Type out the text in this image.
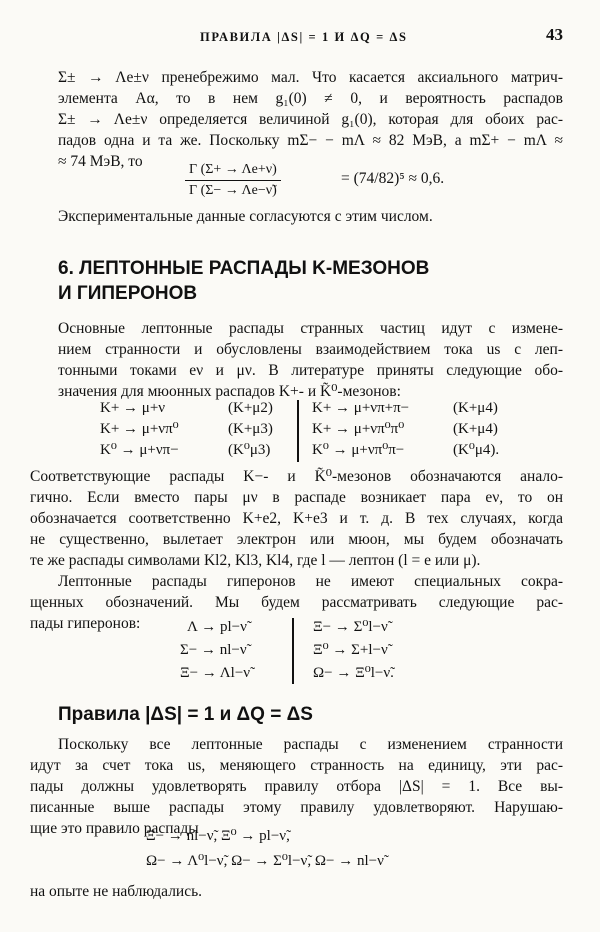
ПРАВИЛА |ΔS| = 1 И ΔQ = ΔS	43
Σ± → Λe±ν пренебрежимо мал. Что касается аксиального матрич-
элемента Aα, то в нем g₁(0) ≠ 0, и вероятность распадов
Σ± → Λe±ν определяется величиной g₁(0), которая для обоих рас-
падов одна и та же. Поскольку mΣ− − mΛ ≈ 82 МэВ, а mΣ+ − mΛ ≈
≈ 74 МэВ, то
$\frac{\Gamma (\Sigma+ \to \Lambda e+\nu)}{\Gamma (\Sigma- \to \Lambda e-\nũ)}$	= (74/82)⁵ ≈ 0,6.
Экспериментальные данные согласуются с этим числом.
6. ЛЕПТОННЫЕ РАСПАДЫ K-МЕЗОНОВ
И ГИПЕРОНОВ
Основные лептонные распады странных частиц идут с измене-
нием странности и обусловлены взаимодействием тока us с леп-
тонными токами eν и μν. В литературе приняты следующие обо-
значения для мюонных распадов K+- и K̃⁰-мезонов:
K+ → μ+ν	(K+μ2)
K+ → μ+νπ⁰	(K+μ3)
K⁰ → μ+νπ−	(K⁰μ3)
K+ → μ+νπ+π−	(K+μ4)
K+ → μ+νπ⁰π⁰	(K+μ4)
K⁰ → μ+νπ⁰π−	(K⁰μ4).
Соответствующие распады K−- и K̃⁰-мезонов обозначаются анало-
гично. Если вместо пары μν в распаде возникает пара eν, то он
обозначается соответственно K+e2, K+e3 и т. д. В тех случаях, когда
не существенно, вылетает электрон или мюон, мы будем обозначать
те же распады символами Kl2, Kl3, Kl4, где l — лептон (l = e или μ).
Лептонные распады гиперонов не имеют специальных сокра-
щенных обозначений. Мы будем рассматривать следующие рас-
пады гиперонов:	Λ → pl−ν̃
Σ− → nl−ν̃
Ξ− → Λl−ν̃
Ξ− → Σ⁰l−ν̃
Ξ⁰ → Σ+l−ν̃
Ω− → Ξ⁰l−ν̃.
Правила |ΔS| = 1 и ΔQ = ΔS
Поскольку все лептонные распады с изменением странности
идут за счет тока us, меняющего странность на единицу, эти рас-
пады должны удовлетворять правилу отбора |ΔS| = 1. Все вы-
писанные выше распады этому правилу удовлетворяют. Нарушаю-
щие это правило распады
Ξ− → nl−ν̃, Ξ⁰ → pl−ν̃,
Ω− → Λ⁰l−ν̃, Ω− → Σ⁰l−ν̃, Ω− → nl−ν̃
на опыте не наблюдались.
